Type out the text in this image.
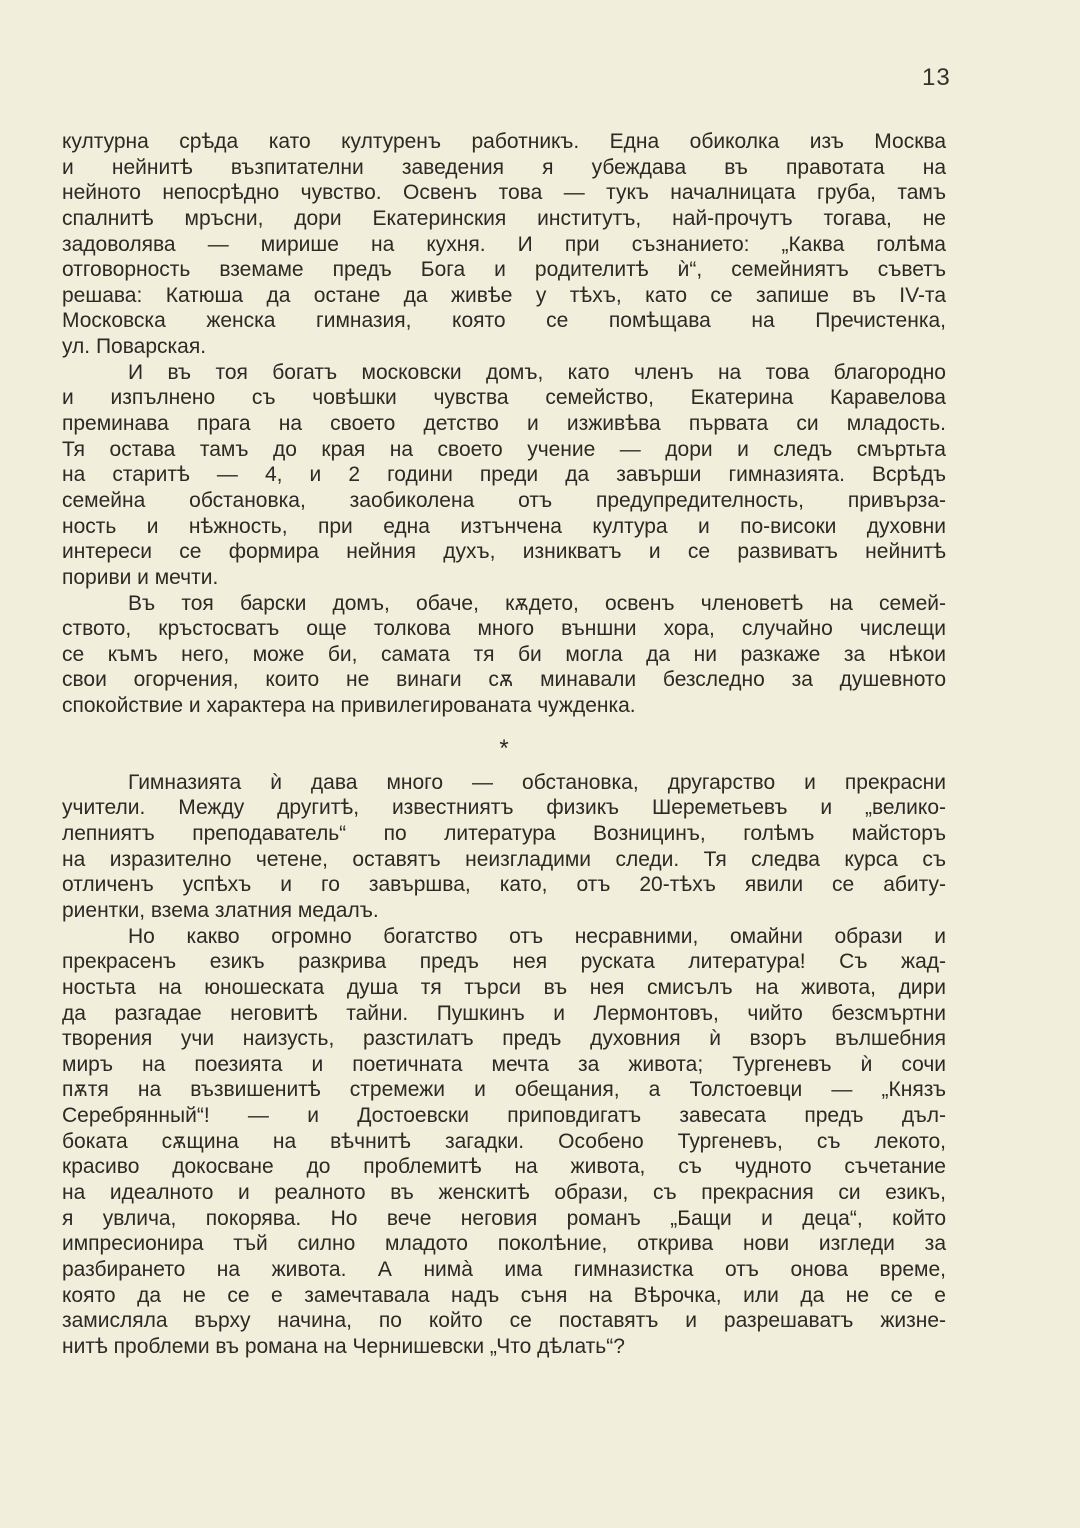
13
културна срѣда като културенъ работникъ. Една обиколка изъ Москва
и нейнитѣ възпитателни заведения я убеждава въ правотата на
нейното непосрѣдно чувство. Освенъ това — тукъ началницата груба, тамъ
спалнитѣ мръсни, дори Екатеринския институтъ, най-прочутъ тогава, не
задоволява — мирише на кухня. И при съзнанието: „Каква голѣма
отговорность вземаме предъ Бога и родителитѣ ѝ“, семейниятъ съветъ
решава: Катюша да остане да живѣе у тѣхъ, като се запише въ IV-та
Московска женска гимназия, която се помѣщава на Пречистенка,
ул. Поварская.
И въ тоя богатъ московски домъ, като членъ на това благородно
и изпълнено съ човѣшки чувства семейство, Екатерина Каравелова
преминава прага на своето детство и изживѣва първата си младость.
Тя остава тамъ до края на своето учение — дори и следъ смъртьта
на старитѣ — 4, и 2 години преди да завърши гимназията. Всрѣдъ
семейна обстановка, заобиколена отъ предупредителность, привърза-
ность и нѣжность, при една изтънчена култура и по-високи духовни
интереси се формира нейния духъ, изникватъ и се развиватъ нейнитѣ
пориви и мечти.
Въ тоя барски домъ, обаче, кѫдето, освенъ членоветѣ на семей-
ството, кръстосватъ още толкова много външни хора, случайно числещи
се къмъ него, може би, самата тя би могла да ни разкаже за нѣкои
свои огорчения, които не винаги сѫ минавали безследно за душевното
спокойствие и характера на привилегированата чужденка.
*
Гимназията ѝ дава много — обстановка, другарство и прекрасни
учители. Между другитѣ, известниятъ физикъ Шереметьевъ и „велико-
лепниятъ преподаватель“ по литература Возницинъ, голѣмъ майсторъ
на изразително четене, оставятъ неизгладими следи. Тя следва курса съ
отличенъ успѣхъ и го завършва, като, отъ 20-тѣхъ явили се абиту-
риентки, взема златния медалъ.
Но какво огромно богатство отъ несравними, омайни образи и
прекрасенъ езикъ разкрива предъ нея руската литература! Съ жад-
ностьта на юношеската душа тя търси въ нея смисълъ на живота, дири
да разгадае неговитѣ тайни. Пушкинъ и Лермонтовъ, чийто безсмъртни
творения учи наизусть, разстилатъ предъ духовния ѝ взоръ вълшебния
миръ на поезията и поетичната мечта за живота; Тургеневъ ѝ сочи
пѫтя на възвишенитѣ стремежи и обещания, а Толстоевци — „Князъ
Серебрянный“! — и Достоевски приповдигатъ завесата предъ дъл-
боката сѫщина на вѣчнитѣ загадки. Особено Тургеневъ, съ лекото,
красиво докосване до проблемитѣ на живота, съ чудното съчетание
на идеалното и реалното въ женскитѣ образи, съ прекрасния си езикъ,
я увлича, покорява. Но вече неговия романъ „Бащи и деца“, който
импресионира тъй силно младото поколѣние, открива нови изгледи за
разбирането на живота. А нимà има гимназистка отъ онова време,
която да не се е замечтавала надъ съня на Вѣрочка, или да не се е
замисляла върху начина, по който се поставятъ и разрешаватъ жизне-
нитѣ проблеми въ романа на Чернишевски „Что дѣлать“?
